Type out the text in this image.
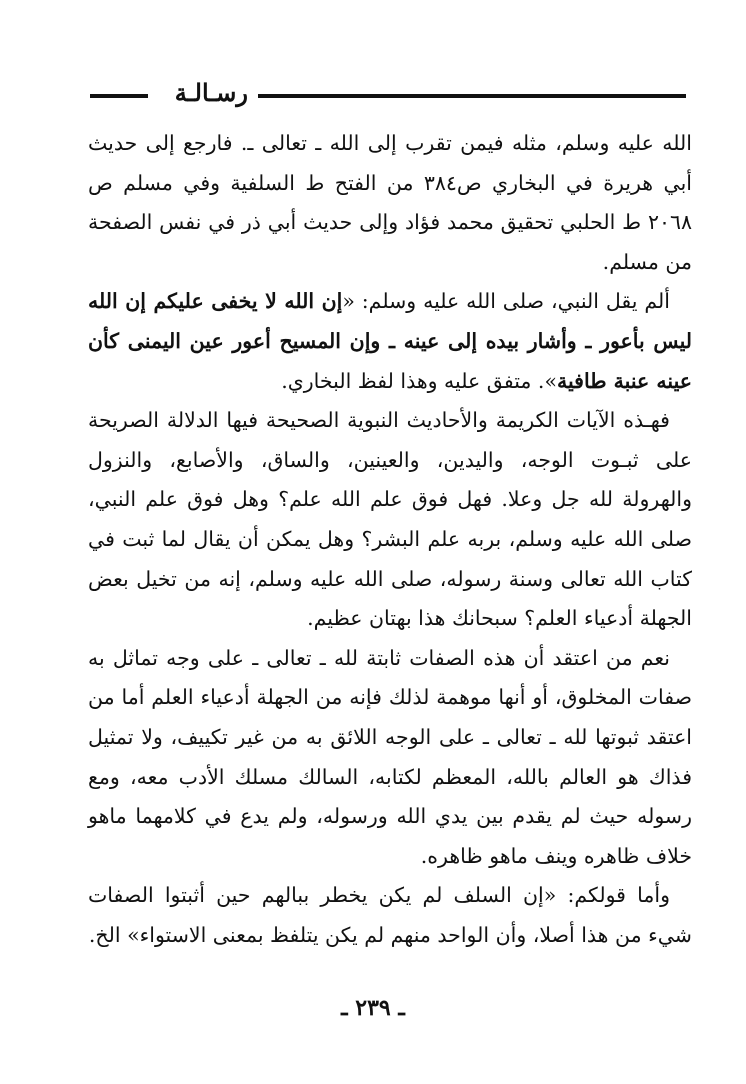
رسـالـة

الله عليه وسلم، مثله فيمن تقرب إلى الله ـ تعالى ـ. فارجع إلى حديث أبي هريرة في البخاري ص٣٨٤ من الفتح ط السلفية وفي مسلم ص ٢٠٦٨ ط الحلبي تحقيق محمد فؤاد وإلى حديث أبي ذر في نفس الصفحة من مسلم.

ألم يقل النبي، صلى الله عليه وسلم: «إن الله لا يخفى عليكم إن الله ليس بأعور ـ وأشار بيده إلى عينه ـ وإن المسيح أعور عين اليمنى كأن عينه عنبة طافية». متفق عليه وهذا لفظ البخاري.

فهـذه الآيات الكريمة والأحاديث النبوية الصحيحة فيها الدلالة الصريحة على ثبـوت الوجه، واليدين، والعينين، والساق، والأصابع، والنزول والهرولة لله جل وعلا. فهل فوق علم الله علم؟ وهل فوق علم النبي، صلى الله عليه وسلم، بربه علم البشر؟ وهل يمكن أن يقال لما ثبت في كتاب الله تعالى وسنة رسوله، صلى الله عليه وسلم، إنه من تخيل بعض الجهلة أدعياء العلم؟ سبحانك هذا بهتان عظيم.

نعم من اعتقد أن هذه الصفات ثابتة لله ـ تعالى ـ على وجه تماثل به صفات المخلوق، أو أنها موهمة لذلك فإنه من الجهلة أدعياء العلم أما من اعتقد ثبوتها لله ـ تعالى ـ على الوجه اللائق به من غير تكييف، ولا تمثيل فذاك هو العالم بالله، المعظم لكتابه، السالك مسلك الأدب معه، ومع رسوله حيث لم يقدم بين يدي الله ورسوله، ولم يدع في كلامهما ماهو خلاف ظاهره وينف ماهو ظاهره.

وأما قولكم: «إن السلف لم يكن يخطر ببالهم حين أثبتوا الصفات شيء من هذا أصلا، وأن الواحد منهم لم يكن يتلفظ بمعنى الاستواء» الخ.

ـ ٢٣٩ ـ
